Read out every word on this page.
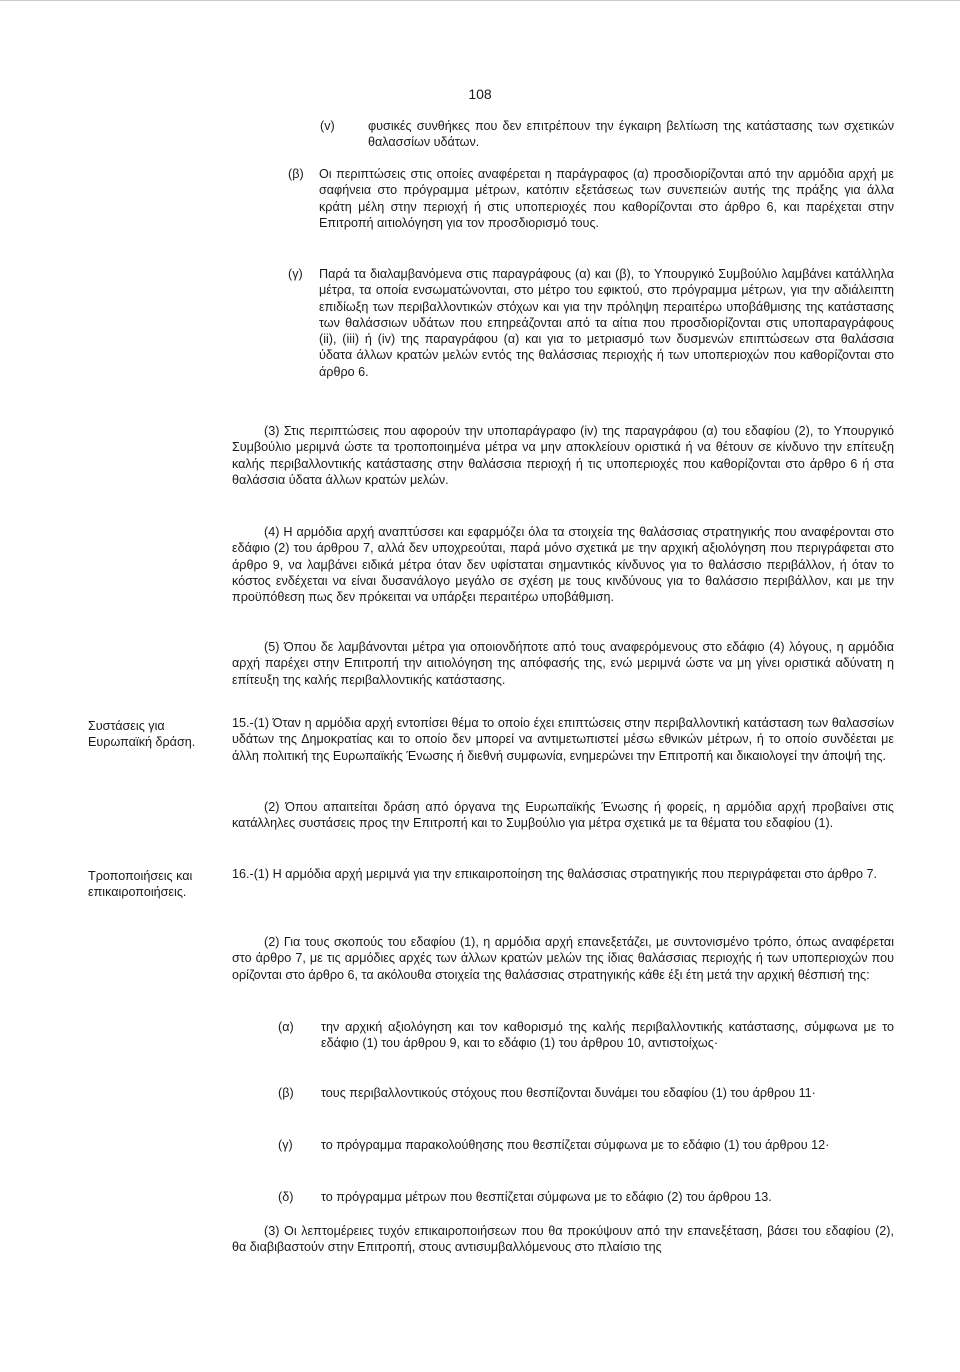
108
(v)	φυσικές συνθήκες που δεν επιτρέπουν την έγκαιρη βελτίωση της κατάστασης των σχετικών θαλασσίων υδάτων.
(β) Οι περιπτώσεις στις οποίες αναφέρεται η παράγραφος (α) προσδιορίζονται από την αρμόδια αρχή με σαφήνεια στο πρόγραμμα μέτρων, κατόπιν εξετάσεως των συνεπειών αυτής της πράξης για άλλα κράτη μέλη στην περιοχή ή στις υποπεριοχές που καθορίζονται στο άρθρο 6, και παρέχεται στην Επιτροπή αιτιολόγηση για τον προσδιορισμό τους.
(γ) Παρά τα διαλαμβανόμενα στις παραγράφους (α) και (β), το Υπουργικό Συμβούλιο λαμβάνει κατάλληλα μέτρα, τα οποία ενσωματώνονται, στο μέτρο του εφικτού, στο πρόγραμμα μέτρων, για την αδιάλειπτη επιδίωξη των περιβαλλοντικών στόχων και για την πρόληψη περαιτέρω υποβάθμισης της κατάστασης των θαλάσσιων υδάτων που επηρεάζονται από τα αίτια που προσδιορίζονται στις υποπαραγράφους (ii), (iii) ή (iv) της παραγράφου (α) και για το μετριασμό των δυσμενών επιπτώσεων στα θαλάσσια ύδατα άλλων κρατών μελών εντός της θαλάσσιας περιοχής ή των υποπεριοχών που καθορίζονται στο άρθρο 6.

(3) Στις περιπτώσεις που αφορούν την υποπαράγραφο (iv) της παραγράφου (α) του εδαφίου (2), το Υπουργικό Συμβούλιο μεριμνά ώστε τα τροποποιημένα μέτρα να μην αποκλείουν οριστικά ή να θέτουν σε κίνδυνο την επίτευξη καλής περιβαλλοντικής κατάστασης στην θαλάσσια περιοχή ή τις υποπεριοχές που καθορίζονται στο άρθρο 6 ή στα θαλάσσια ύδατα άλλων κρατών μελών.

(4) Η αρμόδια αρχή αναπτύσσει και εφαρμόζει όλα τα στοιχεία της θαλάσσιας στρατηγικής που αναφέρονται στο εδάφιο (2) του άρθρου 7, αλλά δεν υποχρεούται, παρά μόνο σχετικά με την αρχική αξιολόγηση που περιγράφεται στο άρθρο 9, να λαμβάνει ειδικά μέτρα όταν δεν υφίσταται σημαντικός κίνδυνος για το θαλάσσιο περιβάλλον, ή όταν το κόστος ενδέχεται να είναι δυσανάλογο μεγάλο σε σχέση με τους κινδύνους για το θαλάσσιο περιβάλλον, και με την προϋπόθεση πως δεν πρόκειται να υπάρξει περαιτέρω υποβάθμιση.

(5) Όπου δε λαμβάνονται μέτρα για οποιονδήποτε από τους αναφερόμενους στο εδάφιο (4) λόγους, η αρμόδια αρχή παρέχει στην Επιτροπή την αιτιολόγηση της απόφασής της, ενώ μεριμνά ώστε να μη γίνει οριστικά αδύνατη η επίτευξη της καλής περιβαλλοντικής κατάστασης.

Συστάσεις για Ευρωπαϊκή δράση.

15.-(1) Όταν η αρμόδια αρχή εντοπίσει θέμα το οποίο έχει επιπτώσεις στην περιβαλλοντική κατάσταση των θαλασσίων υδάτων της Δημοκρατίας και το οποίο δεν μπορεί να αντιμετωπιστεί μέσω εθνικών μέτρων, ή το οποίο συνδέεται με άλλη πολιτική της Ευρωπαϊκής Ένωσης ή διεθνή συμφωνία, ενημερώνει την Επιτροπή και δικαιολογεί την άποψή της.

(2) Όπου απαιτείται δράση από όργανα της Ευρωπαϊκής Ένωσης ή φορείς, η αρμόδια αρχή προβαίνει στις κατάλληλες συστάσεις προς την Επιτροπή και το Συμβούλιο για μέτρα σχετικά με τα θέματα του εδαφίου (1).

Τροποποιήσεις και επικαιροποιήσεις.

16.-(1) Η αρμόδια αρχή μεριμνά για την επικαιροποίηση της θαλάσσιας στρατηγικής που περιγράφεται στο άρθρο 7.

(2) Για τους σκοπούς του εδαφίου (1), η αρμόδια αρχή επανεξετάζει, με συντονισμένο τρόπο, όπως αναφέρεται στο άρθρο 7, με τις αρμόδιες αρχές των άλλων κρατών μελών της ίδιας θαλάσσιας περιοχής ή των υποπεριοχών που ορίζονται στο άρθρο 6, τα ακόλουθα στοιχεία της θαλάσσιας στρατηγικής κάθε έξι έτη μετά την αρχική θέσπισή της:

(α) την αρχική αξιολόγηση και τον καθορισμό της καλής περιβαλλοντικής κατάστασης, σύμφωνα με το εδάφιο (1) του άρθρου 9, και το εδάφιο (1) του άρθρου 10, αντιστοίχως·
(β) τους περιβαλλοντικούς στόχους που θεσπίζονται δυνάμει του εδαφίου (1) του άρθρου 11·
(γ) το πρόγραμμα παρακολούθησης που θεσπίζεται σύμφωνα με το εδάφιο (1) του άρθρου 12·
(δ) το πρόγραμμα μέτρων που θεσπίζεται σύμφωνα με το εδάφιο (2) του άρθρου 13.

(3) Οι λεπτομέρειες τυχόν επικαιροποιήσεων που θα προκύψουν από την επανεξέταση, βάσει του εδαφίου (2), θα διαβιβαστούν στην Επιτροπή, στους αντισυμβαλλόμενους στο πλαίσιο της
